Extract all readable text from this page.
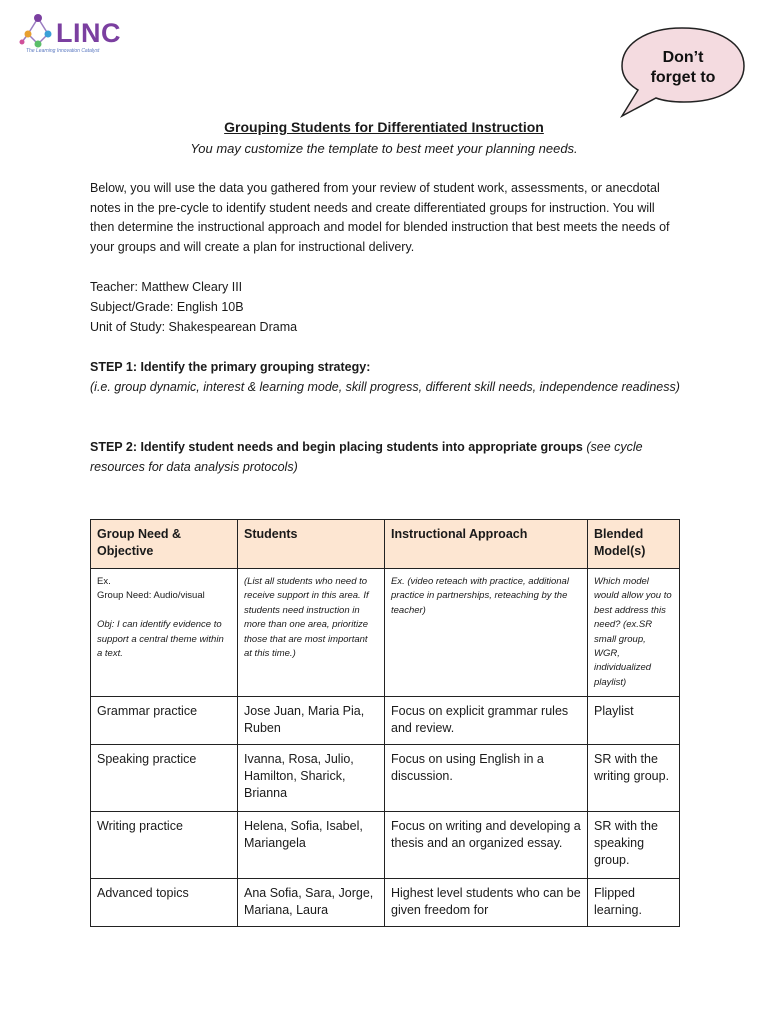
LINC
The Learning Innovation Catalyst	Don’t forget to
Grouping Students for Differentiated Instruction
You may customize the template to best meet your planning needs.

Below, you will use the data you gathered from your review of student work, assessments, or anecdotal notes in the pre-cycle to identify student needs and create differentiated groups for instruction. You will then determine the instructional approach and model for blended instruction that best meets the needs of your groups and will create a plan for instructional delivery.

Teacher: Matthew Cleary III
Subject/Grade: English 10B
Unit of Study: Shakespearean Drama

STEP 1: Identify the primary grouping strategy:
(i.e. group dynamic, interest & learning mode, skill progress, different skill needs, independence readiness)

STEP 2: Identify student needs and begin placing students into appropriate groups (see cycle resources for data analysis protocols)

Group Need & Objective	Students	Instructional Approach	Blended Model(s)
Ex.
Group Need: Audio/visual

Obj: I can identify evidence to support a central theme within a text.	(List all students who need to receive support in this area. If students need instruction in more than one area, prioritize those that are most important at this time.)	Ex. (video reteach with practice, additional practice in partnerships, reteaching by the teacher)	Which model would allow you to best address this need? (ex.SR small group, WGR, individualized playlist)
Grammar practice	Jose Juan, Maria Pia, Ruben	Focus on explicit grammar rules and review.	Playlist
Speaking practice	Ivanna, Rosa, Julio, Hamilton, Sharick, Brianna	Focus on using English in a discussion.	SR with the writing group.
Writing practice	Helena, Sofia, Isabel, Mariangela	Focus on writing and developing a thesis and an organized essay.	SR with the speaking group.
Advanced topics	Ana Sofia, Sara, Jorge, Mariana, Laura	Highest level students who can be given freedom for	Flipped learning.
